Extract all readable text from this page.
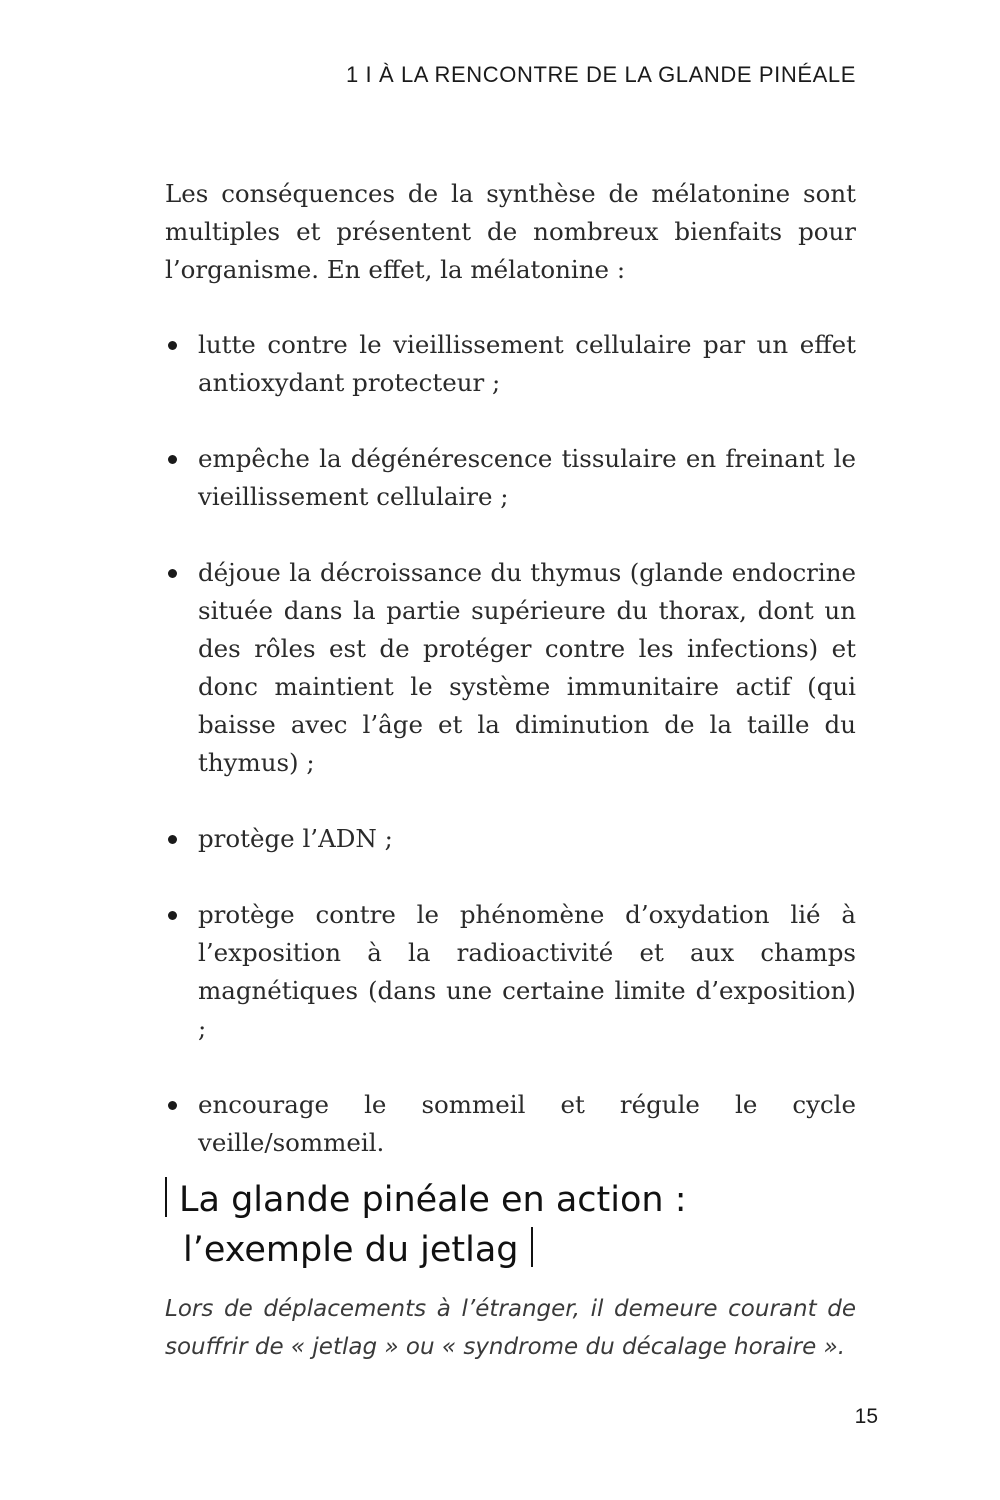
1 I À LA RENCONTRE DE LA GLANDE PINÉALE

Les conséquences de la synthèse de mélatonine sont multiples et présentent de nombreux bienfaits pour l’organisme. En effet, la mélatonine :

lutte contre le vieillissement cellulaire par un effet antioxydant protecteur ;
empêche la dégénérescence tissulaire en freinant le vieillissement cellulaire ;
déjoue la décroissance du thymus (glande endocrine située dans la partie supérieure du thorax, dont un des rôles est de protéger contre les infections) et donc maintient le système immunitaire actif (qui baisse avec l’âge et la diminution de la taille du thymus) ;
protège l’ADN ;
protège contre le phénomène d’oxydation lié à l’exposition à la radioactivité et aux champs magnétiques (dans une certaine limite d’exposition) ;
encourage le sommeil et régule le cycle veille/sommeil.
La glande pinéale en action :
l’exemple du jetlag

Lors de déplacements à l’étranger, il demeure courant de souffrir de « jetlag » ou « syndrome du décalage horaire ».

15
